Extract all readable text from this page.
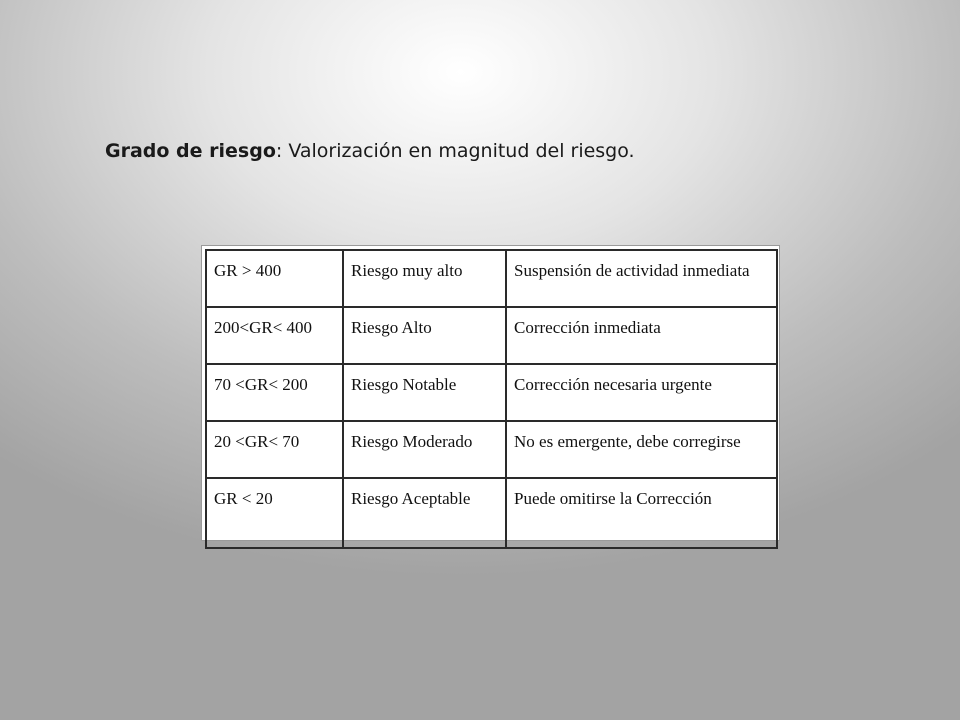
Grado de riesgo: Valorización en magnitud del riesgo.
GR > 400	Riesgo muy alto	Suspensión de actividad inmediata
200<GR< 400	Riesgo Alto	Corrección inmediata
70 <GR< 200	Riesgo Notable	Corrección necesaria urgente
20 <GR< 70	Riesgo Moderado	No es emergente, debe corregirse
GR < 20	Riesgo Aceptable	Puede omitirse la Corrección
